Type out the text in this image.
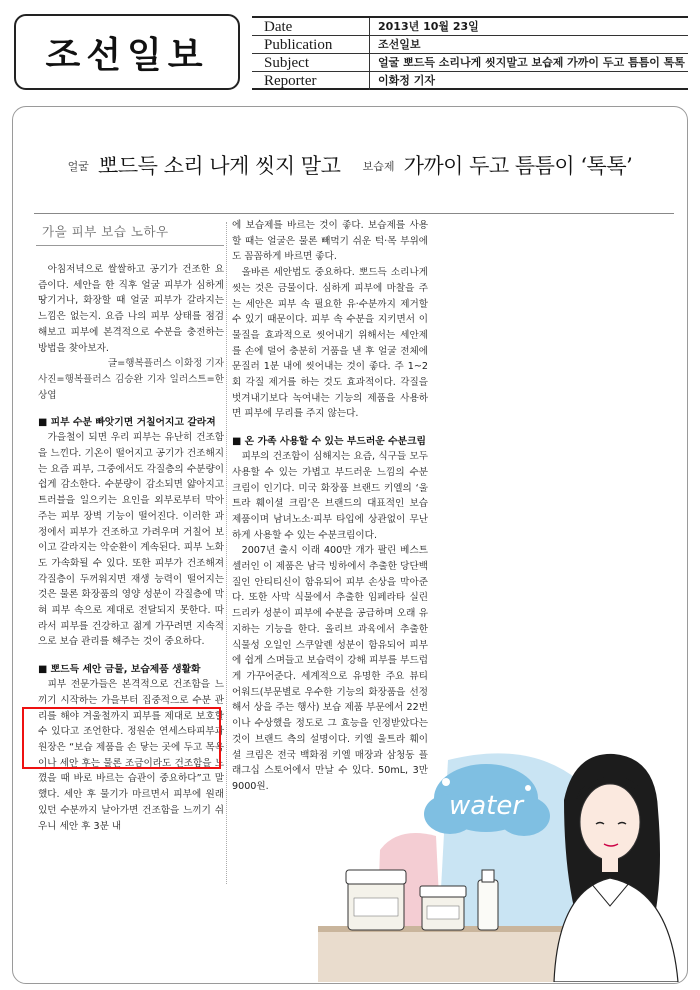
조선일보
Date	2013년 10월 23일
Publication	조선일보
Subject	얼굴 뽀드득 소리나게 씻지말고 보습제 가까이 두고 틈틈이 톡톡
Reporter	이화정 기자
얼굴 뽀드득 소리 나게 씻지 말고 보습제 가까이 두고 틈틈이 ‘톡톡’
가을 피부 보습 노하우

아침저녁으로 쌀쌀하고 공기가 건조한 요즘이다. 세안을 한 직후 얼굴 피부가 심하게 땅기거나, 화장할 때 얼굴 피부가 갈라지는 느낌은 없는지. 요즘 나의 피부 상태를 점검해보고 피부에 본격적으로 수분을 충전하는 방법을 찾아보자.

글=행복플러스 이화정 기자

사진=행복플러스 김승완 기자 일러스트=한상엽

■ 피부 수분 빠앗기면 거칠어지고 갈라져

가을철이 되면 우리 피부는 유난히 건조함을 느낀다. 기온이 떨어지고 공기가 건조해지는 요즘 피부, 그중에서도 각질층의 수분량이 쉽게 감소한다. 수분량이 감소되면 얇아지고 트러블을 일으키는 요인을 외부로부터 막아주는 피부 장벽 기능이 떨어진다. 이러한 과정에서 피부가 건조하고 가려우며 거칠어 보이고 갈라지는 악순환이 계속된다. 피부 노화도 가속화될 수 있다. 또한 피부가 건조해져 각질층이 두꺼워지면 재생 능력이 떨어지는 것은 물론 화장품의 영양 성분이 각질층에 막혀 피부 속으로 제대로 전달되지 못한다. 따라서 피부를 건강하고 젊게 가꾸려면 지속적으로 보습 관리를 해주는 것이 중요하다.

■ 뽀드득 세안 금물, 보습제품 생활화

피부 전문가들은 본격적으로 건조함을 느끼기 시작하는 가을부터 집중적으로 수분 관리를 해야 겨울철까지 피부를 제대로 보호할 수 있다고 조언한다. 정원순 연세스타피부과 원장은 “보습 제품을 손 닿는 곳에 두고 목욕이나 세안 후는 물론 조금이라도 건조함을 느꼈을 때 바로 바르는 습관이 중요하다”고 말했다. 세안 후 물기가 마르면서 피부에 원래 있던 수분까지 날아가면 건조함을 느끼기 쉬우니 세안 후 3분 내

에 보습제를 바르는 것이 좋다. 보습제를 사용할 때는 얼굴은 물론 빼먹기 쉬운 턱·목 부위에도 꼼꼼하게 바르면 좋다.

올바른 세안법도 중요하다. 뽀드득 소리나게 씻는 것은 금물이다. 심하게 피부에 마찰을 주는 세안은 피부 속 필요한 유·수분까지 제거할 수 있기 때문이다. 피부 속 수분을 지키면서 이물질을 효과적으로 씻어내기 위해서는 세안제를 손에 덜어 충분히 거품을 낸 후 얼굴 전체에 문질러 1분 내에 씻어내는 것이 좋다. 주 1~2회 각질 제거를 하는 것도 효과적이다. 각질을 벗겨내기보다 녹여내는 기능의 제품을 사용하면 피부에 무리를 주지 않는다.

■ 온 가족 사용할 수 있는 부드러운 수분크림

피부의 건조함이 심해지는 요즘, 식구들 모두 사용할 수 있는 가볍고 부드러운 느낌의 수분 크림이 인기다. 미국 화장품 브랜드 키엘의 ‘울트라 훼이셜 크림’은 브랜드의 대표적인 보습 제품이며 남녀노소·피부 타입에 상관없이 무난하게 사용할 수 있는 수분크림이다.

2007년 출시 이래 400만 개가 팔린 베스트셀러인 이 제품은 남극 빙하에서 추출한 당단백질인 안티티신이 함유되어 피부 손상을 막아준다. 또한 사막 식물에서 추출한 임페라타 실린드리카 성분이 피부에 수분을 공급하며 오래 유지하는 기능을 한다. 올리브 과육에서 추출한 식물성 오일인 스쿠알렌 성분이 함유되어 피부에 쉽게 스며들고 보습력이 강해 피부를 부드럽게 가꾸어준다. 세계적으로 유명한 주요 뷰티 어워드(부문별로 우수한 기능의 화장품을 선정해서 상을 주는 행사) 보습 제품 부문에서 22번이나 수상했을 정도로 그 효능을 인정받았다는 것이 브랜드 측의 설명이다. 키엘 울트라 훼이셜 크림은 전국 백화점 키엘 매장과 삼청동 플래그십 스토어에서 만날 수 있다. 50mL, 3만9000원.

water
